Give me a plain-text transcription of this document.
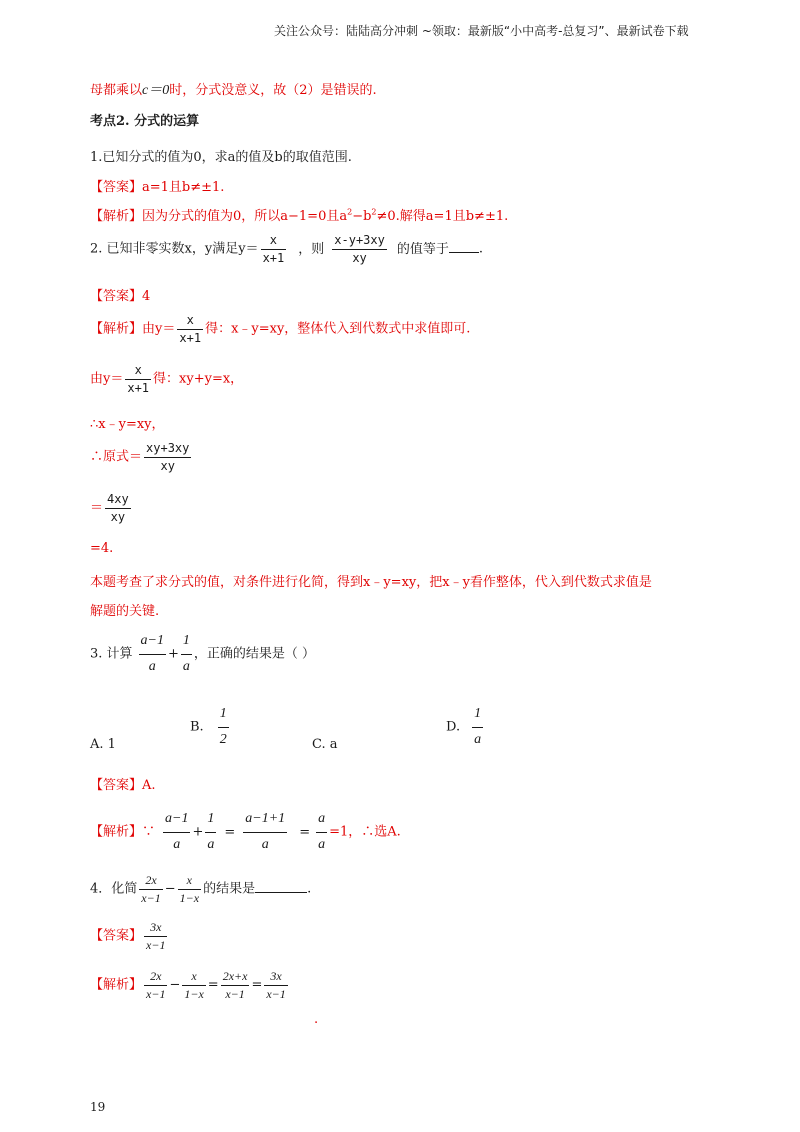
关注公众号：陆陆高分冲刺 ~领取：最新版“小中高考-总复习”、最新试卷下载
母都乘以c＝0时，分式没意义，故（2）是错误的.
考点2. 分式的运算
1.已知分式的值为0，求a的值及b的取值范围.
【答案】a=1且b≠±1.
【解析】因为分式的值为0，所以a−1=0且$a^2-b^2\ne 0$.解得a=1且b≠±1.
2. 已知非零实数x，y满足$y= \frac{x}{x+1}$ ，则 $\frac{x-y+3xy}{xy}$ 的值等于 .
【答案】4
【解析】由$y= \frac{x}{x+1}$ 得：x﹣y=xy，整体代入到代数式中求值即可.
由$y= \frac{x}{x+1}$ 得：xy+y=x，
∴x﹣y=xy，
∴原式＝ $\frac{xy+3xy}{xy}$
＝ $\frac{4xy}{xy}$
=4.
本题考查了求分式的值，对条件进行化简，得到x﹣y=xy，把x﹣y看作整体，代入到代数式求值是
解题的关键.
3. 计算 $\frac{a-1}{a} + \frac{1}{a}$ ，正确的结果是（ ）
A. 1
B. $\frac{1}{2}$	C. a
D. $\frac{1}{a}$
【答案】A.
【解析】∵ $\frac{a-1}{a} + \frac{1}{a} = \frac{a-1+1}{a} = \frac{a}{a} =1$，∴选A.
4．化简 $\frac{2x}{x-1} - \frac{x}{1-x}$ 的结果是	.
【答案】 $\frac{3x}{x-1}$
【解析】 $\frac{2x}{x-1} - \frac{x}{1-x} = \frac{2x+x}{x-1} = \frac{3x}{x-1}$
.
19
